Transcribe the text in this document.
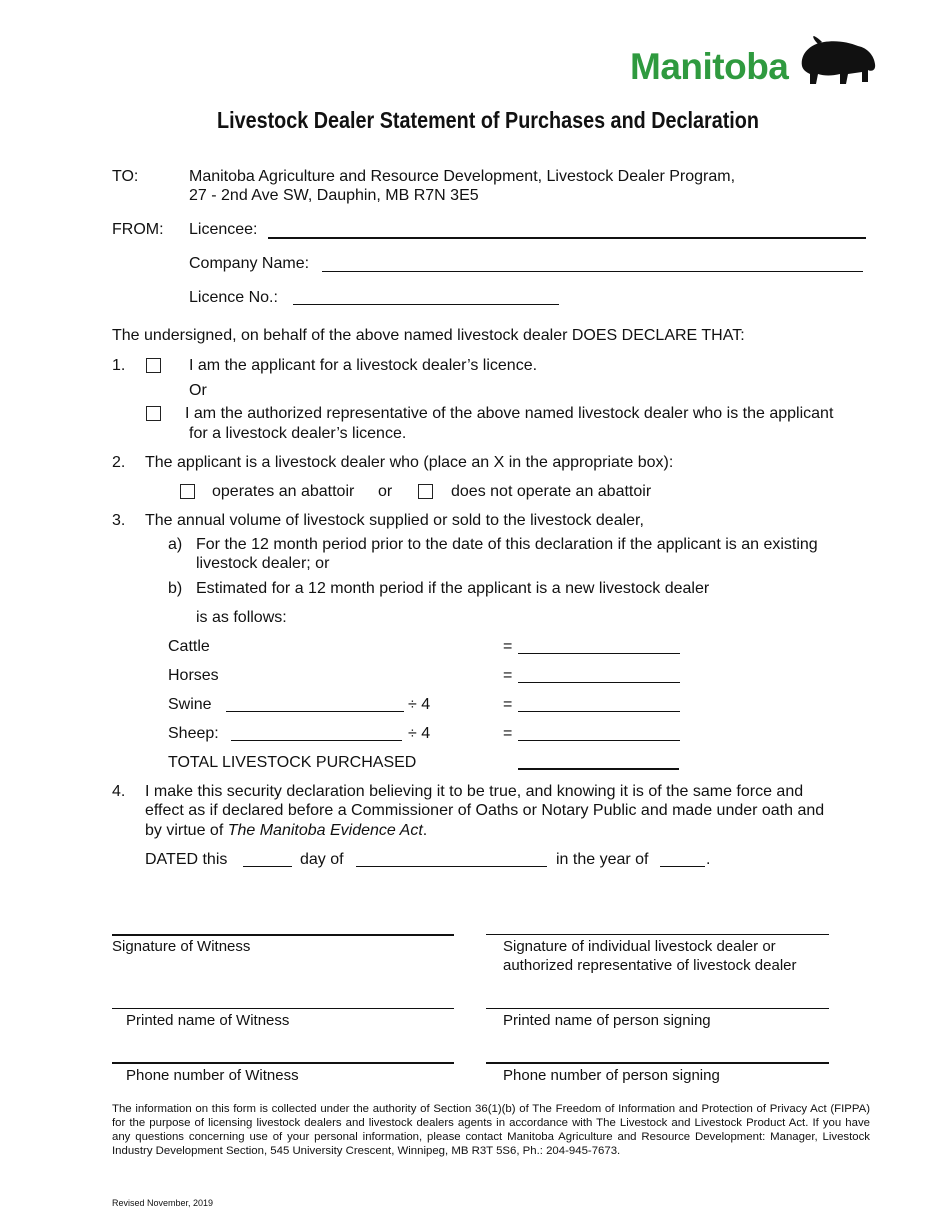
Manitoba
Livestock Dealer Statement of Purchases and Declaration
TO:	Manitoba Agriculture and Resource Development, Livestock Dealer Program,
27 - 2nd Ave SW, Dauphin, MB R7N 3E5
FROM: Licencee:
Company Name:
Licence No.:
The undersigned, on behalf of the above named livestock dealer DOES DECLARE THAT:
1.	I am the applicant for a livestock dealer’s licence.
Or
I am the authorized representative of the above named livestock dealer who is the applicant
for a livestock dealer’s licence.
2. The applicant is a livestock dealer who (place an X in the appropriate box):
operates an abattoir or	does not operate an abattoir
3. The annual volume of livestock supplied or sold to the livestock dealer,
a) For the 12 month period prior to the date of this declaration if the applicant is an existing
livestock dealer; or
b) Estimated for a 12 month period if the applicant is a new livestock dealer
is as follows:
Cattle	=
Horses	=
Swine	÷ 4	=
Sheep:	÷ 4	=
TOTAL LIVESTOCK PURCHASED
4. I make this security declaration believing it to be true, and knowing it is of the same force and
effect as if declared before a Commissioner of Oaths or Notary Public and made under oath and
by virtue of The Manitoba Evidence Act.
DATED this	day of	in the year of	.
Signature of Witness	Signature of individual livestock dealer or
authorized representative of livestock dealer
Printed name of Witness	Printed name of person signing
Phone number of Witness	Phone number of person signing
The information on this form is collected under the authority of Section 36(1)(b) of The Freedom of Information and Protection of Privacy Act (FIPPA) for the purpose of licensing livestock dealers and livestock dealers agents in accordance with The Livestock and Livestock Product Act. If you have any questions concerning use of your personal information, please contact Manitoba Agriculture and Resource Development: Manager, Livestock Industry Development Section, 545 University Crescent, Winnipeg, MB R3T 5S6, Ph.: 204-945-7673.
Revised November, 2019
